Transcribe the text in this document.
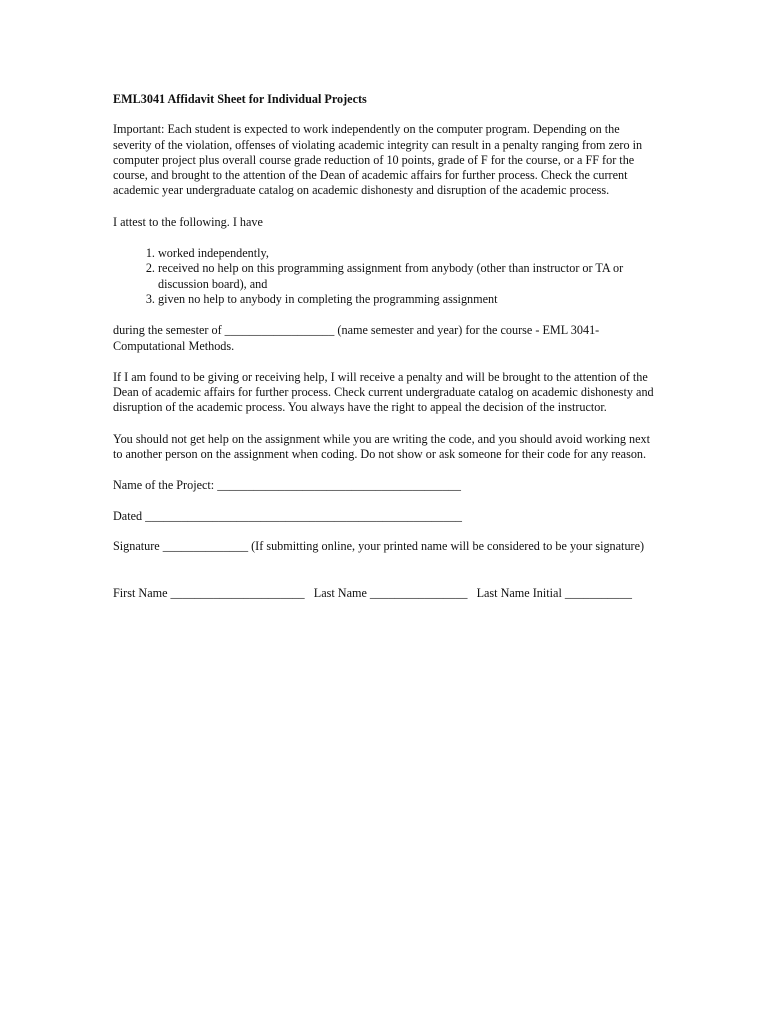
EML3041 Affidavit Sheet for Individual Projects

Important: Each student is expected to work independently on the computer program. Depending on the severity of the violation, offenses of violating academic integrity can result in a penalty ranging from zero in computer project plus overall course grade reduction of 10 points, grade of F for the course, or a FF for the course, and brought to the attention of the Dean of academic affairs for further process. Check the current academic year undergraduate catalog on academic dishonesty and disruption of the academic process.

I attest to the following. I have

1. worked independently,
2. received no help on this programming assignment from anybody (other than instructor or TA or discussion board), and
3. given no help to anybody in completing the programming assignment

during the semester of __________________ (name semester and year) for the course - EML 3041- Computational Methods.

If I am found to be giving or receiving help, I will receive a penalty and will be brought to the attention of the Dean of academic affairs for further process. Check current undergraduate catalog on academic dishonesty and disruption of the academic process. You always have the right to appeal the decision of the instructor.

You should not get help on the assignment while you are writing the code, and you should avoid working next to another person on the assignment when coding. Do not show or ask someone for their code for any reason.

Name of the Project: ________________________________________

Dated ____________________________________________________

Signature ______________ (If submitting online, your printed name will be considered to be your signature)

First Name ______________________   Last Name ________________   Last Name Initial ___________
